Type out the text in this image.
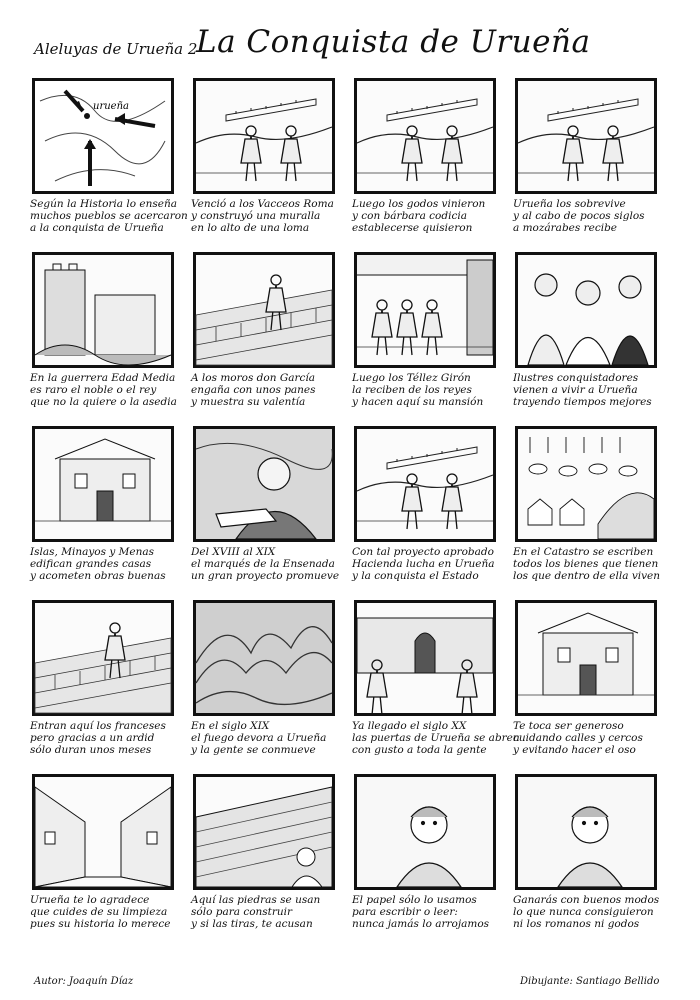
Aleluyas de Urueña 2
La Conquista de Urueña
urueña
Según la Historia lo enseña
muchos pueblos se acercaron
a la conquista de Urueña
Venció a los Vacceos Roma
y construyó una muralla
en lo alto de una loma
Luego los godos vinieron
y con bárbara codicia
establecerse quisieron
Urueña los sobrevive
y al cabo de pocos siglos
a mozárabes recibe
En la guerrera Edad Media
es raro el noble o el rey
que no la quiere o la asedia
A los moros don García
engaña con unos panes
y muestra su valentía
Luego los Téllez Girón
la reciben de los reyes
y hacen aquí su mansión
Ilustres conquistadores
vienen a vivir a Urueña
trayendo tiempos mejores
Islas, Minayos y Menas
edifican grandes casas
y acometen obras buenas
Del XVIII al XIX
el marqués de la Ensenada
un gran proyecto promueve
Con tal proyecto aprobado
Hacienda lucha en Urueña
y la conquista el Estado
En el Catastro se escriben
todos los bienes que tienen
los que dentro de ella viven
Entran aquí los franceses
pero gracias a un ardid
sólo duran unos meses
En el siglo XIX
el fuego devora a Urueña
y la gente se conmueve
Ya llegado el siglo XX
las puertas de Urueña se abren
con gusto a toda la gente
Te toca ser generoso
cuidando calles y cercos
y evitando hacer el oso
Urueña te lo agradece
que cuides de su limpieza
pues su historia lo merece
Aquí las piedras se usan
sólo para construir
y si las tiras, te acusan
El papel sólo lo usamos
para escribir o leer:
nunca jamás lo arrojamos
Ganarás con buenos modos
lo que nunca consiguieron
ni los romanos ni godos
Autor: Joaquín Díaz	Dibujante: Santiago Bellido
